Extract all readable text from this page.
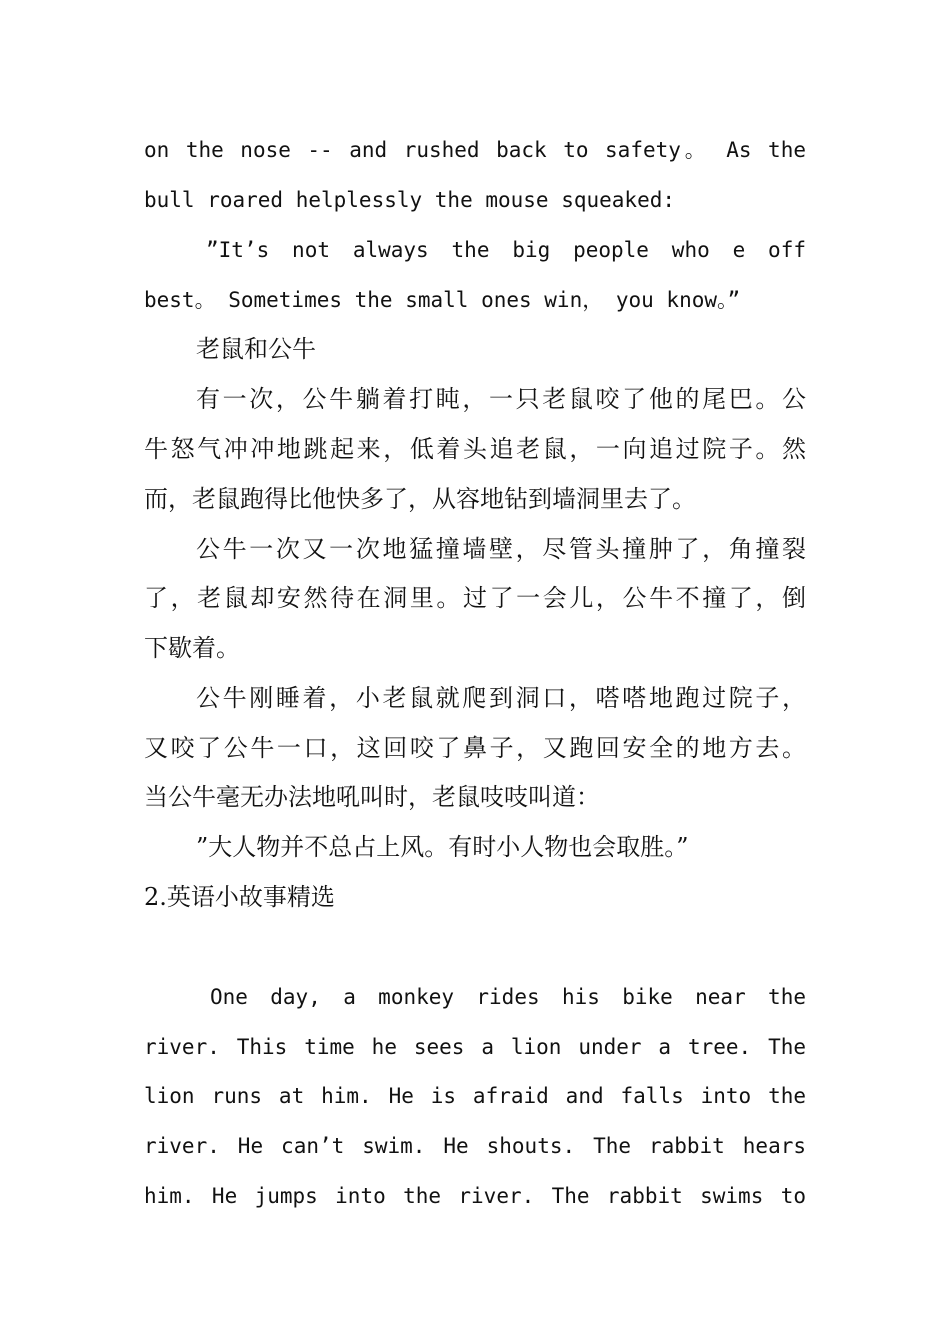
on the nose -- and rushed back to safety。 As the
bull roared helplessly the mouse squeaked:
”It’s not always the big people who e off
best。 Sometimes the small ones win， you know。”
老鼠和公牛
有一次，公牛躺着打盹，一只老鼠咬了他的尾巴。公
牛怒气冲冲地跳起来，低着头追老鼠，一向追过院子。然
而，老鼠跑得比他快多了，从容地钻到墙洞里去了。
公牛一次又一次地猛撞墙壁，尽管头撞肿了，角撞裂
了，老鼠却安然待在洞里。过了一会儿，公牛不撞了，倒
下歇着。
公牛刚睡着，小老鼠就爬到洞口，嗒嗒地跑过院子，
又咬了公牛一口，这回咬了鼻子，又跑回安全的地方去。
当公牛毫无办法地吼叫时，老鼠吱吱叫道：
”大人物并不总占上风。有时小人物也会取胜。”
2.英语小故事精选
One day, a monkey rides his bike near the
river. This time he sees a lion under a tree. The
lion runs at him. He is afraid and falls into the
river. He can’t swim. He shouts. The rabbit hears
him. He jumps into the river. The rabbit swims to
